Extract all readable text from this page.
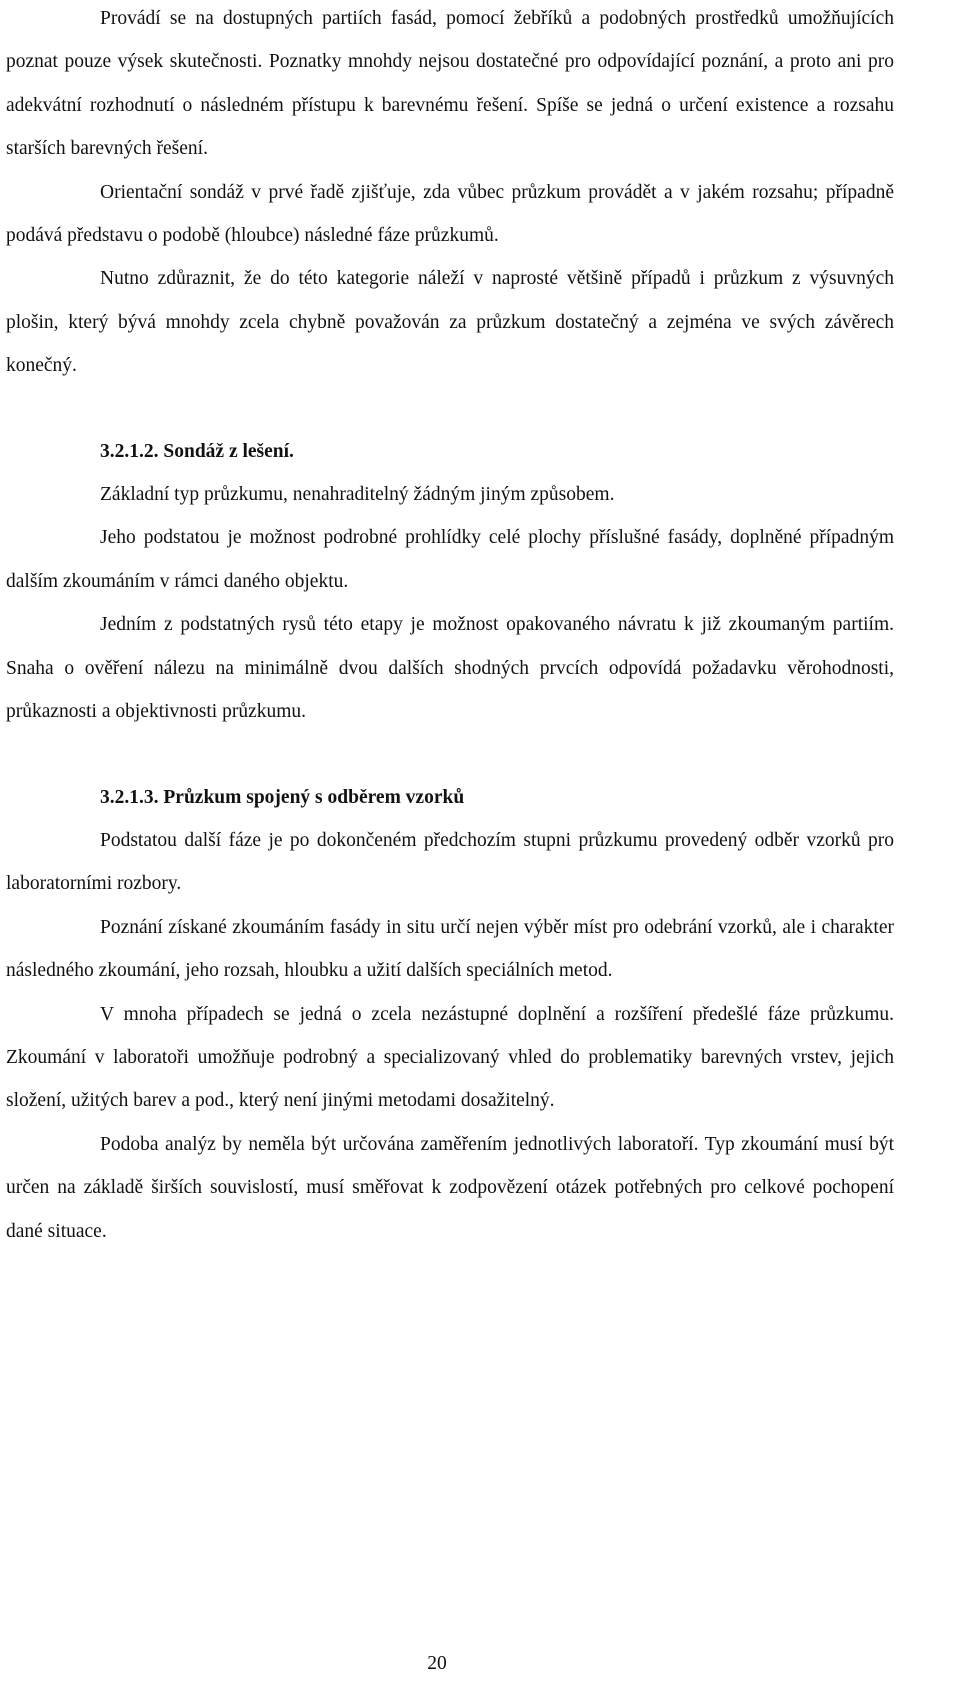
Provádí se na dostupných partiích fasád, pomocí žebříků a podobných prostředků umožňujících poznat pouze výsek skutečnosti. Poznatky mnohdy nejsou dostatečné pro odpovídající poznání, a proto ani pro adekvátní rozhodnutí o následném přístupu k barevnému řešení. Spíše se jedná o určení existence a rozsahu starších barevných řešení.

Orientační sondáž v prvé řadě zjišťuje, zda vůbec průzkum provádět a v jakém rozsahu; případně podává představu o podobě (hloubce) následné fáze průzkumů.

Nutno zdůraznit, že do této kategorie náleží v naprosté většině případů i průzkum z výsuvných plošin, který bývá mnohdy zcela chybně považován za průzkum dostatečný a zejména ve svých závěrech konečný.

3.2.1.2. Sondáž z lešení.

Základní typ průzkumu, nenahraditelný žádným jiným způsobem.

Jeho podstatou je možnost podrobné prohlídky celé plochy příslušné fasády, doplněné případným dalším zkoumáním v rámci daného objektu.

Jedním z podstatných rysů této etapy je možnost opakovaného návratu k již zkoumaným partiím. Snaha o ověření nálezu na minimálně dvou dalších shodných prvcích odpovídá požadavku věrohodnosti, průkaznosti a objektivnosti průzkumu.

3.2.1.3. Průzkum spojený s odběrem vzorků

Podstatou další fáze je po dokončeném předchozím stupni průzkumu provedený odběr vzorků pro laboratorními rozbory.

Poznání získané zkoumáním fasády in situ určí nejen výběr míst pro odebrání vzorků, ale i charakter následného zkoumání, jeho rozsah, hloubku a užití dalších speciálních metod.

V mnoha případech se jedná o zcela nezástupné doplnění a rozšíření předešlé fáze průzkumu. Zkoumání v laboratoři umožňuje podrobný a specializovaný vhled do problematiky barevných vrstev, jejich složení, užitých barev a pod., který není jinými metodami dosažitelný.

Podoba analýz by neměla být určována zaměřením jednotlivých laboratoří. Typ zkoumání musí být určen na základě širších souvislostí, musí směřovat k zodpovězení otázek potřebných pro celkové pochopení dané situace.

20
